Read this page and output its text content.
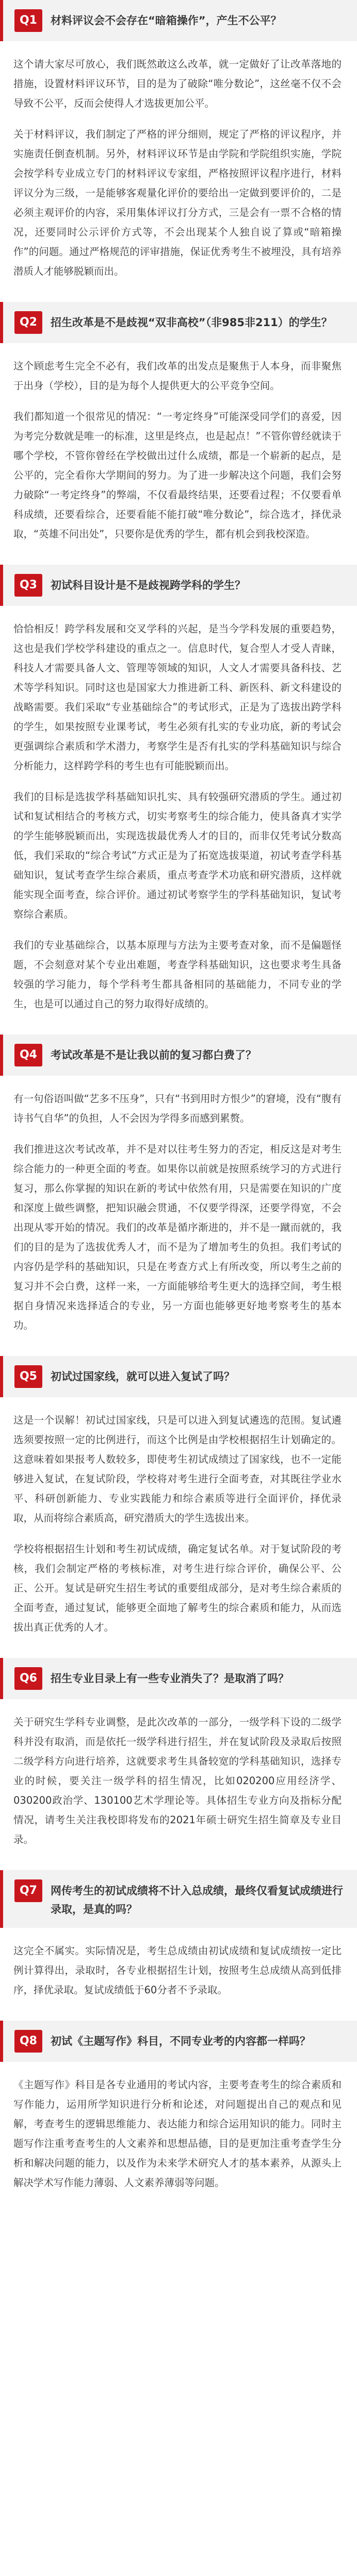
Q1	材料评议会不会存在“暗箱操作”，产生不公平？

这个请大家尽可放心，我们既然敢这么改革，就一定做好了让改革落地的措施，设置材料评议环节，目的是为了破除“唯分数论”，这丝毫不仅不会导致不公平，反而会使得人才选拔更加公平。

关于材料评议，我们制定了严格的评分细则，规定了严格的评议程序，并实施责任倒查机制。另外，材料评议环节是由学院和学院组织实施，学院会按学科专业成立专门的材料评议专家组，严格按照评议程序进行，材料评议分为三级，一是能够客观量化评价的要给出一定做到要评价的，二是必须主观评价的内容，采用集体评议打分方式，三是会有一票不合格的情况，还要同时公示评价方式等，不会出现某个人独自说了算或“暗箱操作”的问题。通过严格规范的评审措施，保证优秀考生不被埋没，具有培养潜质人才能够脱颖而出。

Q2	招生改革是不是歧视“双非高校”（非985非211）的学生？

这个顾虑考生完全不必有，我们改革的出发点是聚焦于人本身，而非聚焦于出身（学校），目的是为每个人提供更大的公平竞争空间。

我们都知道一个很常见的情况：“一考定终身”可能深受同学们的喜爱，因为考完分数就是唯一的标准，这里是终点，也是起点！”不管你曾经就读于哪个学校，不管你曾经在学校做出过什么成绩，都是一个崭新的起点，是公平的，完全看你大学期间的努力。为了进一步解决这个问题，我们会努力破除“一考定终身”的弊端，不仅看最终结果，还要看过程；不仅要看单科成绩，还要看综合，还要看能不能打破“唯分数论”，综合选才，择优录取，“英雄不问出处”，只要你是优秀的学生，都有机会到我校深造。

Q3	初试科目设计是不是歧视跨学科的学生？

恰恰相反！跨学科发展和交叉学科的兴起，是当今学科发展的重要趋势，这也是我们学校学科建设的重点之一。信息时代，复合型人才受人青睐，科技人才需要具备人文、管理等领域的知识，人文人才需要具备科技、艺术等学科知识。同时这也是国家大力推进新工科、新医科、新文科建设的战略需要。我们采取“专业基础综合”的考试形式，正是为了选拔出跨学科的学生，如果按照专业课考试，考生必须有扎实的专业功底，新的考试会更强调综合素质和学术潜力，考察学生是否有扎实的学科基础知识与综合分析能力，这样跨学科的考生也有可能脱颖而出。

我们的目标是选拔学科基础知识扎实、具有较强研究潜质的学生。通过初试和复试相结合的考核方式，切实考察考生的综合能力，使具备真才实学的学生能够脱颖而出，实现选拔最优秀人才的目的，而非仅凭考试分数高低，我们采取的“综合考试”方式正是为了拓宽选拔渠道，初试考查学科基础知识，复试考查学生综合素质，重点考查学术功底和研究潜质，这样就能实现全面考查，综合评价。通过初试考察学生的学科基础知识，复试考察综合素质。

我们的专业基础综合，以基本原理与方法为主要考查对象，而不是偏题怪题，不会刻意对某个专业出难题，考查学科基础知识，这也要求考生具备较强的学习能力，每个学科考生都具备相同的基础能力，不同专业的学生，也是可以通过自己的努力取得好成绩的。

Q4	考试改革是不是让我以前的复习都白费了？

有一句俗语叫做“艺多不压身”，只有“书到用时方恨少”的窘境，没有“腹有诗书气自华”的负担，人不会因为学得多而感到累赘。

我们推进这次考试改革，并不是对以往考生努力的否定，相反这是对考生综合能力的一种更全面的考查。如果你以前就是按照系统学习的方式进行复习，那么你掌握的知识在新的考试中依然有用，只是需要在知识的广度和深度上做些调整，把知识融会贯通，不仅要学得深，还要学得宽，不会出现从零开始的情况。我们的改革是循序渐进的，并不是一蹴而就的，我们的目的是为了选拔优秀人才，而不是为了增加考生的负担。我们考试的内容仍是学科的基础知识，只是在考查方式上有所改变，所以考生之前的复习并不会白费，这样一来，一方面能够给考生更大的选择空间，考生根据自身情况来选择适合的专业，另一方面也能够更好地考察考生的基本功。

Q5	初试过国家线，就可以进入复试了吗？

这是一个误解！初试过国家线，只是可以进入到复试遴选的范围。复试遴选须要按照一定的比例进行，而这个比例是由学校根据招生计划确定的。这意味着如果报考人数较多，即使考生初试成绩过了国家线，也不一定能够进入复试，在复试阶段，学校将对考生进行全面考查，对其既往学业水平、科研创新能力、专业实践能力和综合素质等进行全面评价，择优录取，从而将综合素质高，研究潜质大的学生选拔出来。

学校将根据招生计划和考生初试成绩，确定复试名单。对于复试阶段的考核，我们会制定严格的考核标准，对考生进行综合评价，确保公平、公正、公开。复试是研究生招生考试的重要组成部分，是对考生综合素质的全面考查，通过复试，能够更全面地了解考生的综合素质和能力，从而选拔出真正优秀的人才。

Q6	招生专业目录上有一些专业消失了？是取消了吗？

关于研究生学科专业调整，是此次改革的一部分，一级学科下设的二级学科并没有取消，而是依托一级学科进行招生，并在复试阶段及录取后按照二级学科方向进行培养，这就要求考生具备较宽的学科基础知识，选择专业的时候，要关注一级学科的招生情况，比如020200应用经济学、030200政治学、130100艺术学理论等。具体招生专业方向及指标分配情况，请考生关注我校即将发布的2021年硕士研究生招生简章及专业目录。

Q7	网传考生的初试成绩将不计入总成绩，最终仅看复试成绩进行录取，是真的吗？

这完全不属实。实际情况是，考生总成绩由初试成绩和复试成绩按一定比例计算得出，录取时，各专业根据招生计划，按照考生总成绩从高到低排序，择优录取。复试成绩低于60分者不予录取。

Q8	初试《主题写作》科目，不同专业考的内容都一样吗？

《主题写作》科目是各专业通用的考试内容，主要考查考生的综合素质和写作能力，运用所学知识进行分析和论述，对问题提出自己的观点和见解，考查考生的逻辑思维能力、表达能力和综合运用知识的能力。同时主题写作注重考查考生的人文素养和思想品德，目的是更加注重考查学生分析和解决问题的能力，以及作为未来学术研究人才的基本素养，从源头上解决学术写作能力薄弱、人文素养薄弱等问题。
